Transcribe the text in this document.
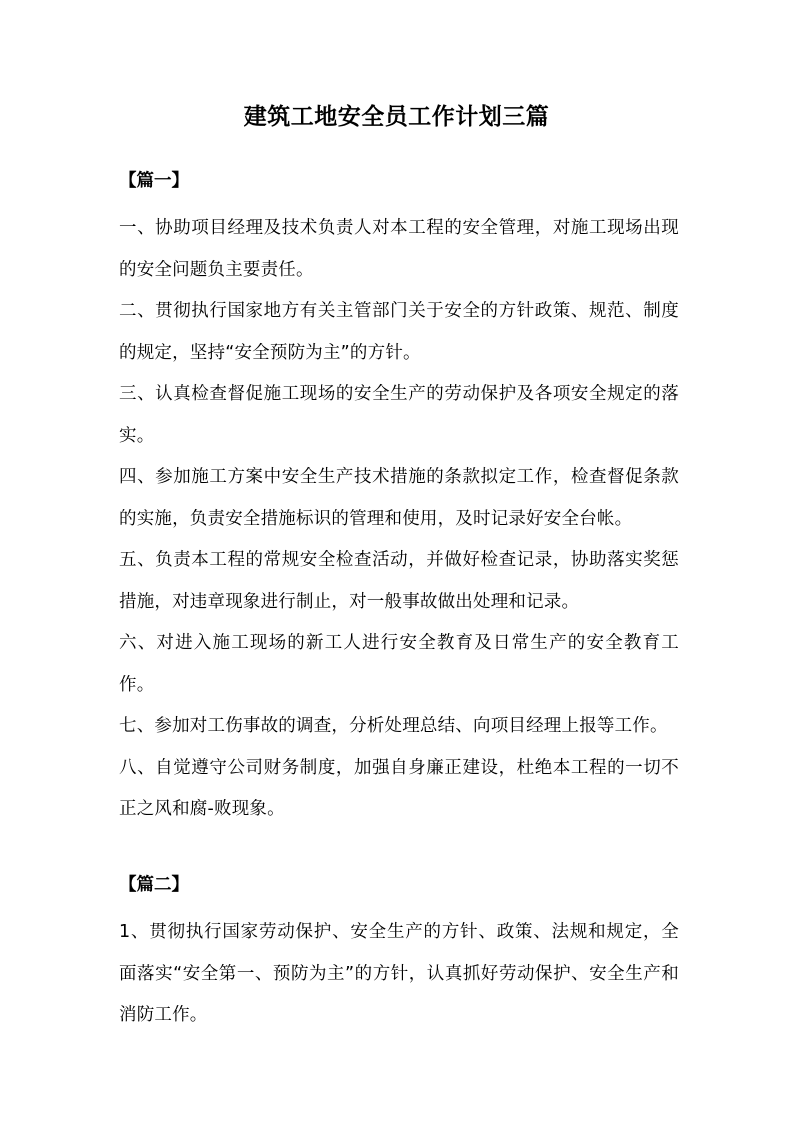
建筑工地安全员工作计划三篇
【篇一】

一、协助项目经理及技术负责人对本工程的安全管理，对施工现场出现的安全问题负主要责任。

二、贯彻执行国家地方有关主管部门关于安全的方针政策、规范、制度的规定，坚持“安全预防为主”的方针。

三、认真检查督促施工现场的安全生产的劳动保护及各项安全规定的落实。

四、参加施工方案中安全生产技术措施的条款拟定工作，检查督促条款的实施，负责安全措施标识的管理和使用，及时记录好安全台帐。

五、负责本工程的常规安全检查活动，并做好检查记录，协助落实奖惩措施，对违章现象进行制止，对一般事故做出处理和记录。

六、对进入施工现场的新工人进行安全教育及日常生产的安全教育工作。

七、参加对工伤事故的调查，分析处理总结、向项目经理上报等工作。

八、自觉遵守公司财务制度，加强自身廉正建设，杜绝本工程的一切不正之风和腐-败现象。

【篇二】

1、贯彻执行国家劳动保护、安全生产的方针、政策、法规和规定，全面落实“安全第一、预防为主”的方针，认真抓好劳动保护、安全生产和消防工作。
